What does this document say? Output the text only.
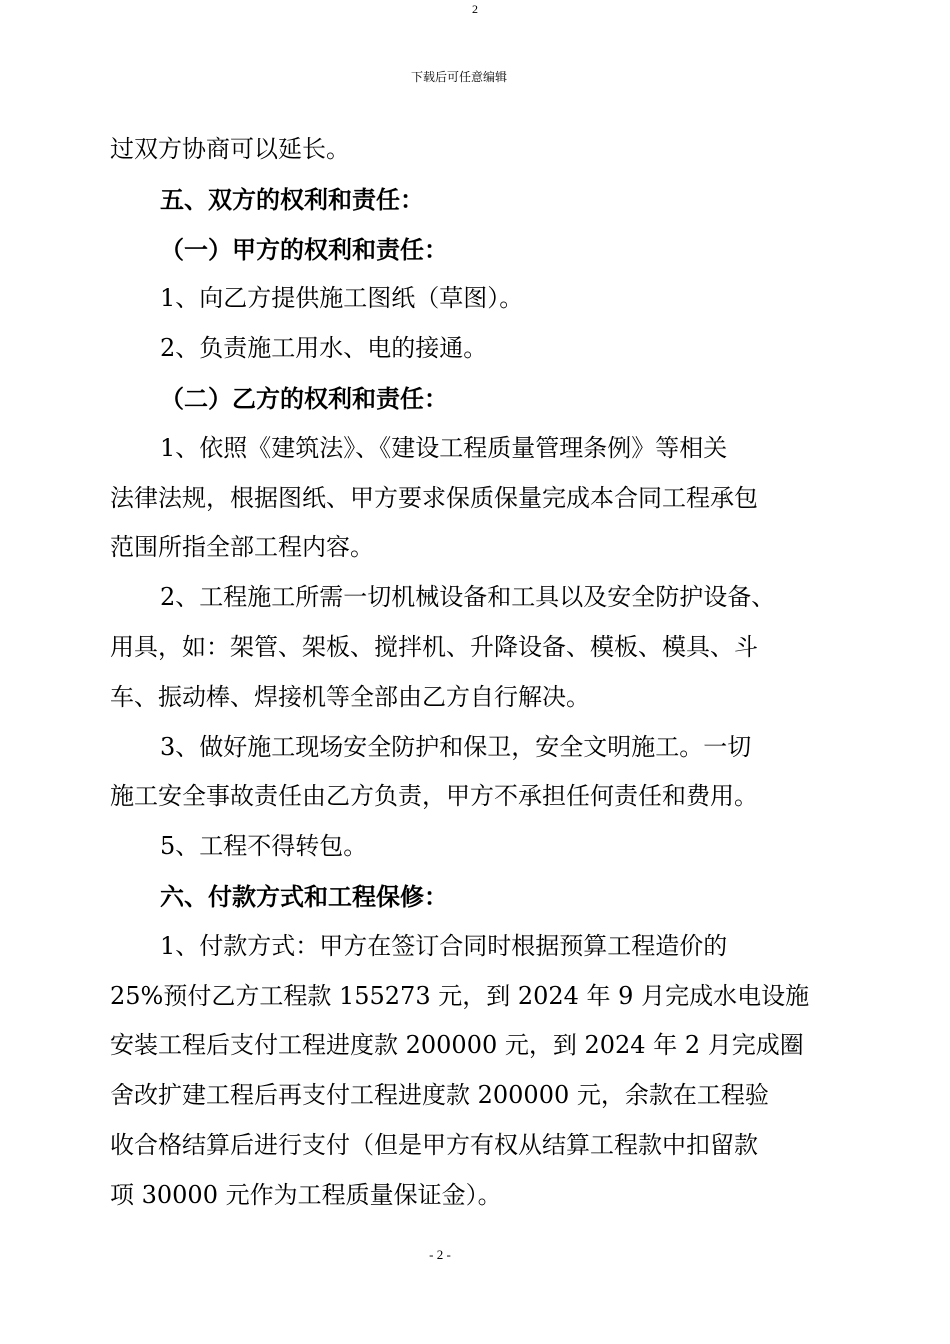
2
下载后可任意编辑
过双方协商可以延长。
五、双方的权利和责任：
（一）甲方的权利和责任：
1、向乙方提供施工图纸（草图）。
2、负责施工用水、电的接通。
（二）乙方的权利和责任：
1、依照《建筑法》、《建设工程质量管理条例》等相关
法律法规，根据图纸、甲方要求保质保量完成本合同工程承包
范围所指全部工程内容。
2、工程施工所需一切机械设备和工具以及安全防护设备、
用具，如：架管、架板、搅拌机、升降设备、模板、模具、斗
车、振动棒、焊接机等全部由乙方自行解决。
3、做好施工现场安全防护和保卫，安全文明施工。一切
施工安全事故责任由乙方负责，甲方不承担任何责任和费用。
5、工程不得转包。
六、付款方式和工程保修：
1、付款方式：甲方在签订合同时根据预算工程造价的
25%预付乙方工程款 155273 元，到 2024 年 9 月完成水电设施
安装工程后支付工程进度款 200000 元，到 2024 年 2 月完成圈
舍改扩建工程后再支付工程进度款 200000 元，余款在工程验
收合格结算后进行支付（但是甲方有权从结算工程款中扣留款
项 30000 元作为工程质量保证金）。
- 2 -
